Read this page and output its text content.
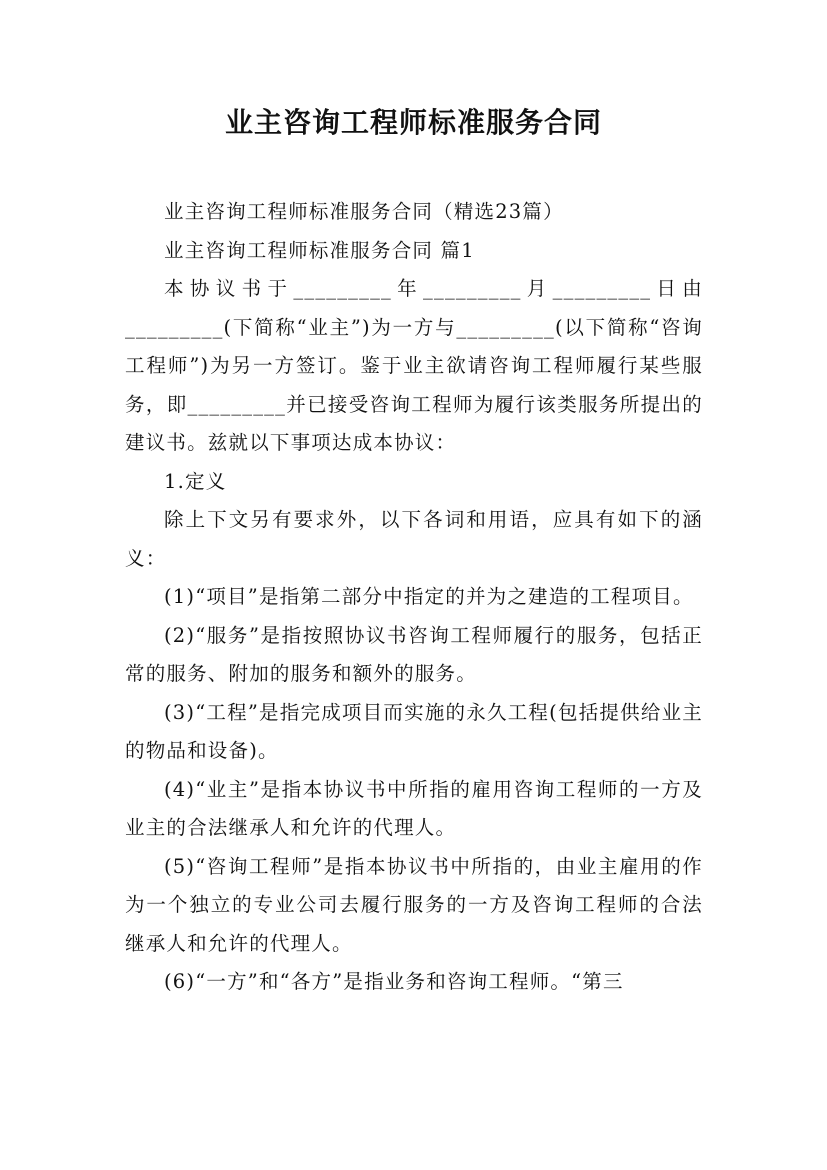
业主咨询工程师标准服务合同

业主咨询工程师标准服务合同（精选23篇）

业主咨询工程师标准服务合同 篇1

本协议书于_________年_________月_________日由_________(下简称“业主”)为一方与_________(以下简称“咨询工程师”)为另一方签订。鉴于业主欲请咨询工程师履行某些服务，即_________并已接受咨询工程师为履行该类服务所提出的建议书。兹就以下事项达成本协议：

1.定义

除上下文另有要求外，以下各词和用语，应具有如下的涵义：

(1)“项目”是指第二部分中指定的并为之建造的工程项目。

(2)“服务”是指按照协议书咨询工程师履行的服务，包括正常的服务、附加的服务和额外的服务。

(3)“工程”是指完成项目而实施的永久工程(包括提供给业主的物品和设备)。

(4)“业主”是指本协议书中所指的雇用咨询工程师的一方及业主的合法继承人和允许的代理人。

(5)“咨询工程师”是指本协议书中所指的，由业主雇用的作为一个独立的专业公司去履行服务的一方及咨询工程师的合法继承人和允许的代理人。

(6)“一方”和“各方”是指业务和咨询工程师。“第三
